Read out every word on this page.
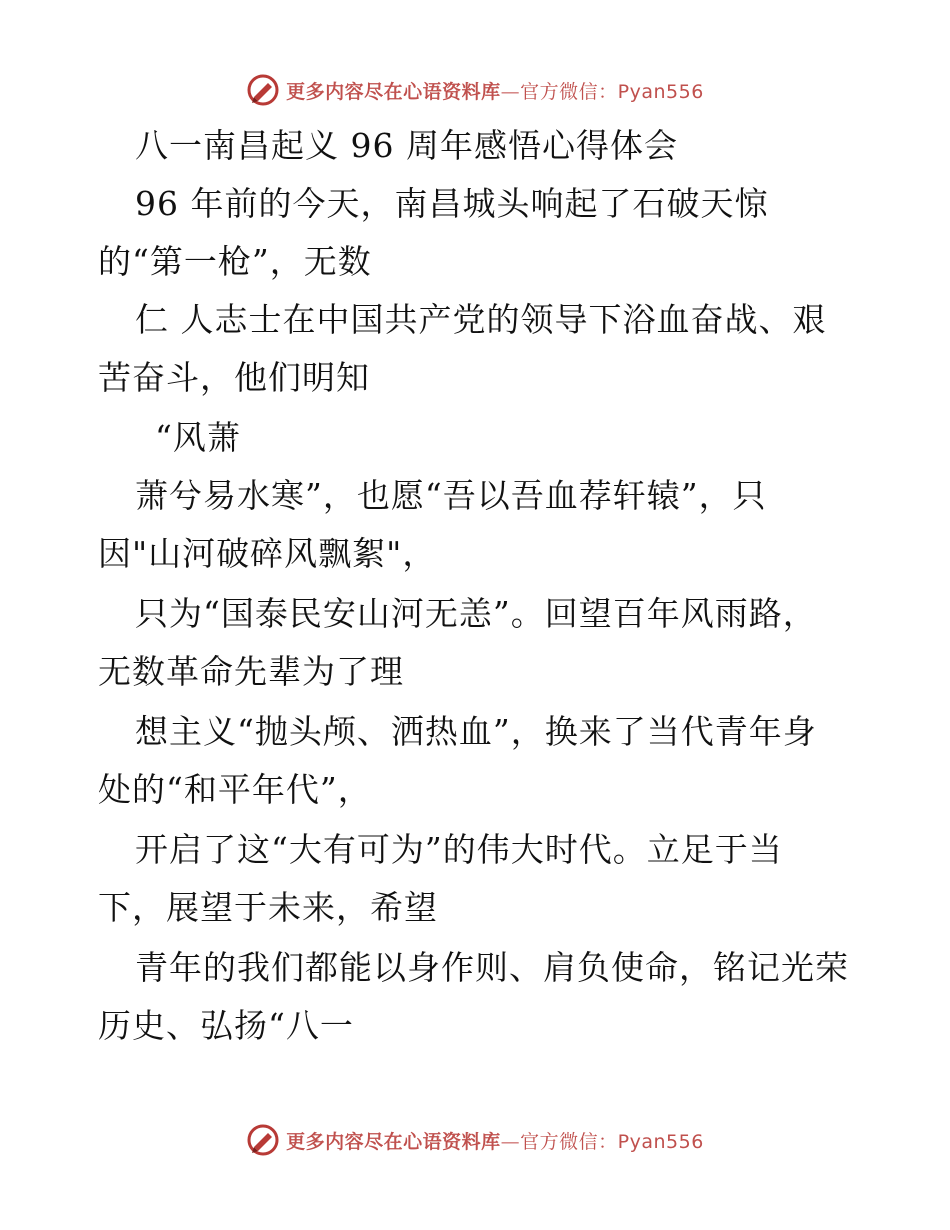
更多内容尽在心语资料库—官方微信：Pyan556
八一南昌起义 96 周年感悟心得体会
96 年前的今天，南昌城头响起了石破天惊
的“第一枪”，无数
仁 人志士在中国共产党的领导下浴血奋战、艰
苦奋斗，他们明知
“风萧
萧兮易水寒”，也愿“吾以吾血荐轩辕”，只
因"山河破碎风飘絮"，
只为“国泰民安山河无恙”。回望百年风雨路，
无数革命先辈为了理
想主义“抛头颅、洒热血”，换来了当代青年身
处的“和平年代”，
开启了这“大有可为”的伟大时代。立足于当
下，展望于未来，希望
青年的我们都能以身作则、肩负使命，铭记光荣
历史、弘扬“八一
更多内容尽在心语资料库—官方微信：Pyan556
